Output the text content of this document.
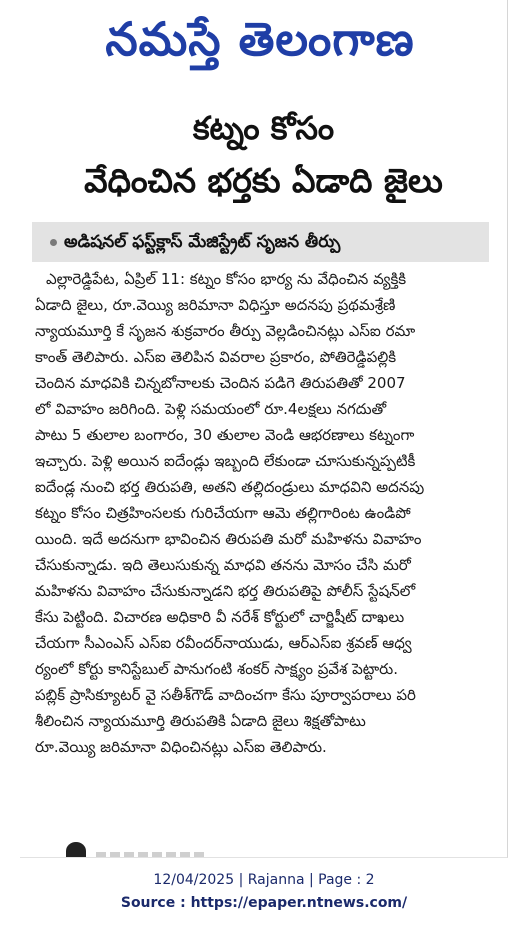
నమస్తే తెలంగాణ
కట్నం కోసం
వేధించిన భర్తకు ఏడాది జైలు
అడిషనల్ ఫస్ట్‌క్లాస్ మేజిస్ట్రేట్ సృజన తీర్పు
ఎల్లారెడ్డిపేట, ఏప్రిల్ 11: కట్నం కోసం భార్య ను వేధించిన వ్యక్తికి
ఏడాది జైలు, రూ.వెయ్యి జరిమానా విధిస్తూ అదనపు ప్రథమశ్రేణి
న్యాయమూర్తి కే సృజన శుక్రవారం తీర్పు వెల్లడించినట్లు ఎస్ఐ రమా
కాంత్ తెలిపారు. ఎస్ఐ తెలిపిన వివరాల ప్రకారం, పోతిరెడ్డిపల్లికి
చెందిన మాధవికి చిన్నబోనాలకు చెందిన పడిగె తిరుపతితో 2007
లో వివాహం జరిగింది. పెళ్లి సమయంలో రూ.4లక్షలు నగదుతో
పాటు 5 తులాల బంగారం, 30 తులాల వెండి ఆభరణాలు కట్నంగా
ఇచ్చారు. పెళ్లి అయిన ఐదేండ్లు ఇబ్బంది లేకుండా చూసుకున్నప్పటికీ
ఐదేండ్ల నుంచి భర్త తిరుపతి, అతని తల్లిదండ్రులు మాధవిని అదనపు
కట్నం కోసం చిత్రహింసలకు గురిచేయగా ఆమె తల్లిగారింట ఉండిపో
యింది. ఇదే అదనుగా భావించిన తిరుపతి మరో మహిళను వివాహం
చేసుకున్నాడు. ఇది తెలుసుకున్న మాధవి తనను మోసం చేసి మరో
మహిళను వివాహం చేసుకున్నాడని భర్త తిరుపతిపై పోలీస్ స్టేషన్‌లో
కేసు పెట్టింది. విచారణ అధికారి వీ నరేశ్ కోర్టులో చార్జిషీట్ దాఖలు
చేయగా సీఎంఎస్ ఎస్ఐ రవీందర్‌నాయుడు, ఆర్ఎస్ఐ శ్రవణ్ ఆధ్వ
ర్యంలో కోర్టు కానిస్టేబుల్ పానుగంటి శంకర్ సాక్ష్యం ప్రవేశ పెట్టారు.
పబ్లిక్ ప్రాసిక్యూటర్ వై సతీశ్‌గౌడ్ వాదించగా కేసు పూర్వాపరాలు పరి
శీలించిన న్యాయమూర్తి తిరుపతికి ఏడాది జైలు శిక్షతోపాటు
రూ.వెయ్యి జరిమానా విధించినట్లు ఎస్ఐ తెలిపారు.
12/04/2025 | Rajanna | Page : 2
Source : https://epaper.ntnews.com/
